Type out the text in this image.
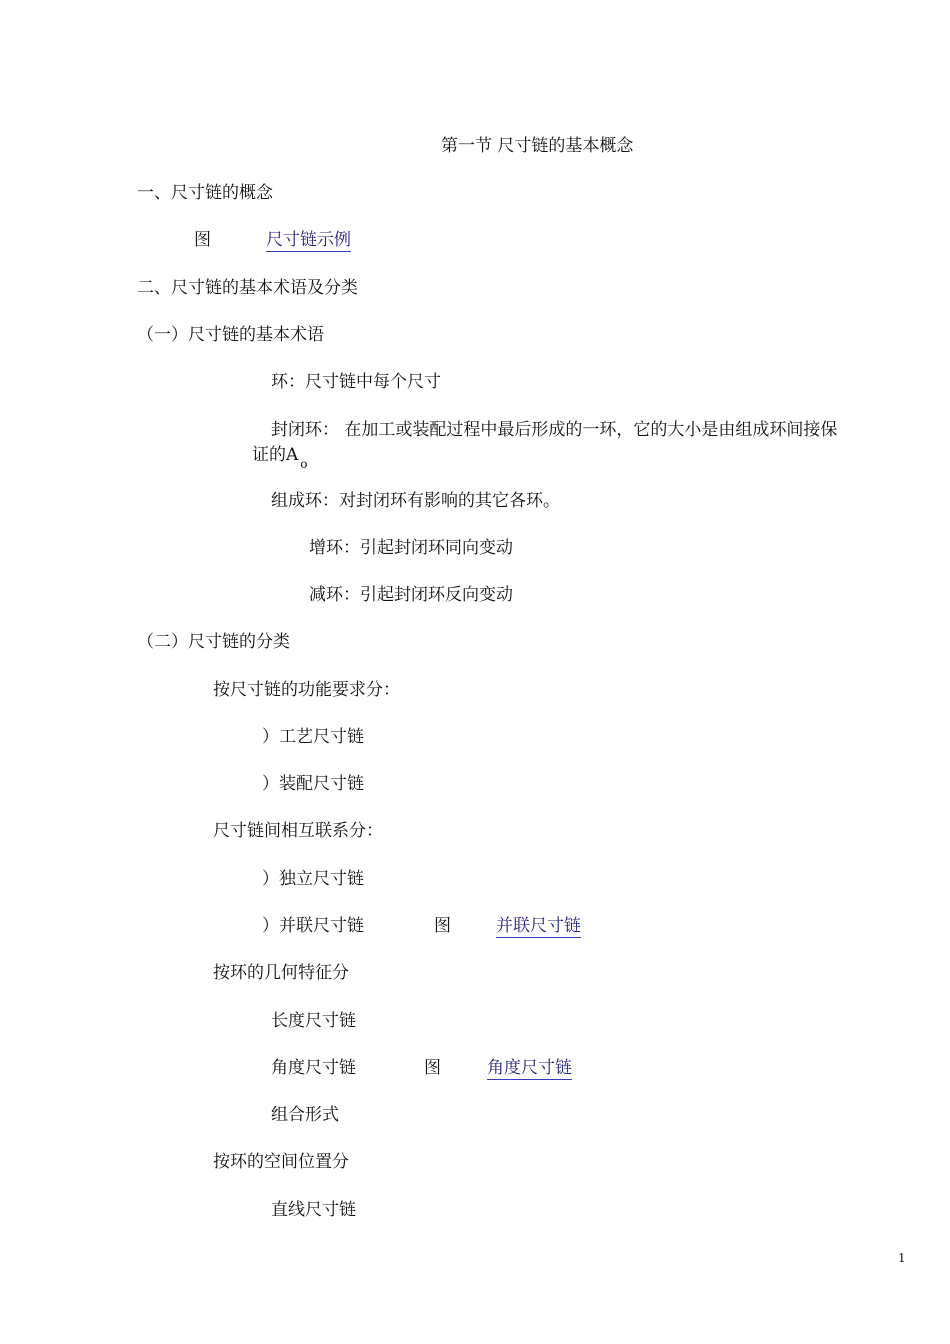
第一节 尺寸链的基本概念
一、尺寸链的概念
图	尺寸链示例
二、尺寸链的基本术语及分类
（一）尺寸链的基本术语
环：尺寸链中每个尺寸
封闭环： 在加工或装配过程中最后形成的一环，它的大小是由组成环间接保
证的A $_o$
组成环：对封闭环有影响的其它各环。
增环：引起封闭环同向变动
减环：引起封闭环反向变动
（二）尺寸链的分类
按尺寸链的功能要求分：
）工艺尺寸链
）装配尺寸链
尺寸链间相互联系分：
）独立尺寸链
）并联尺寸链	图	并联尺寸链
按环的几何特征分
长度尺寸链
角度尺寸链	图	角度尺寸链
组合形式
按环的空间位置分
直线尺寸链
1
